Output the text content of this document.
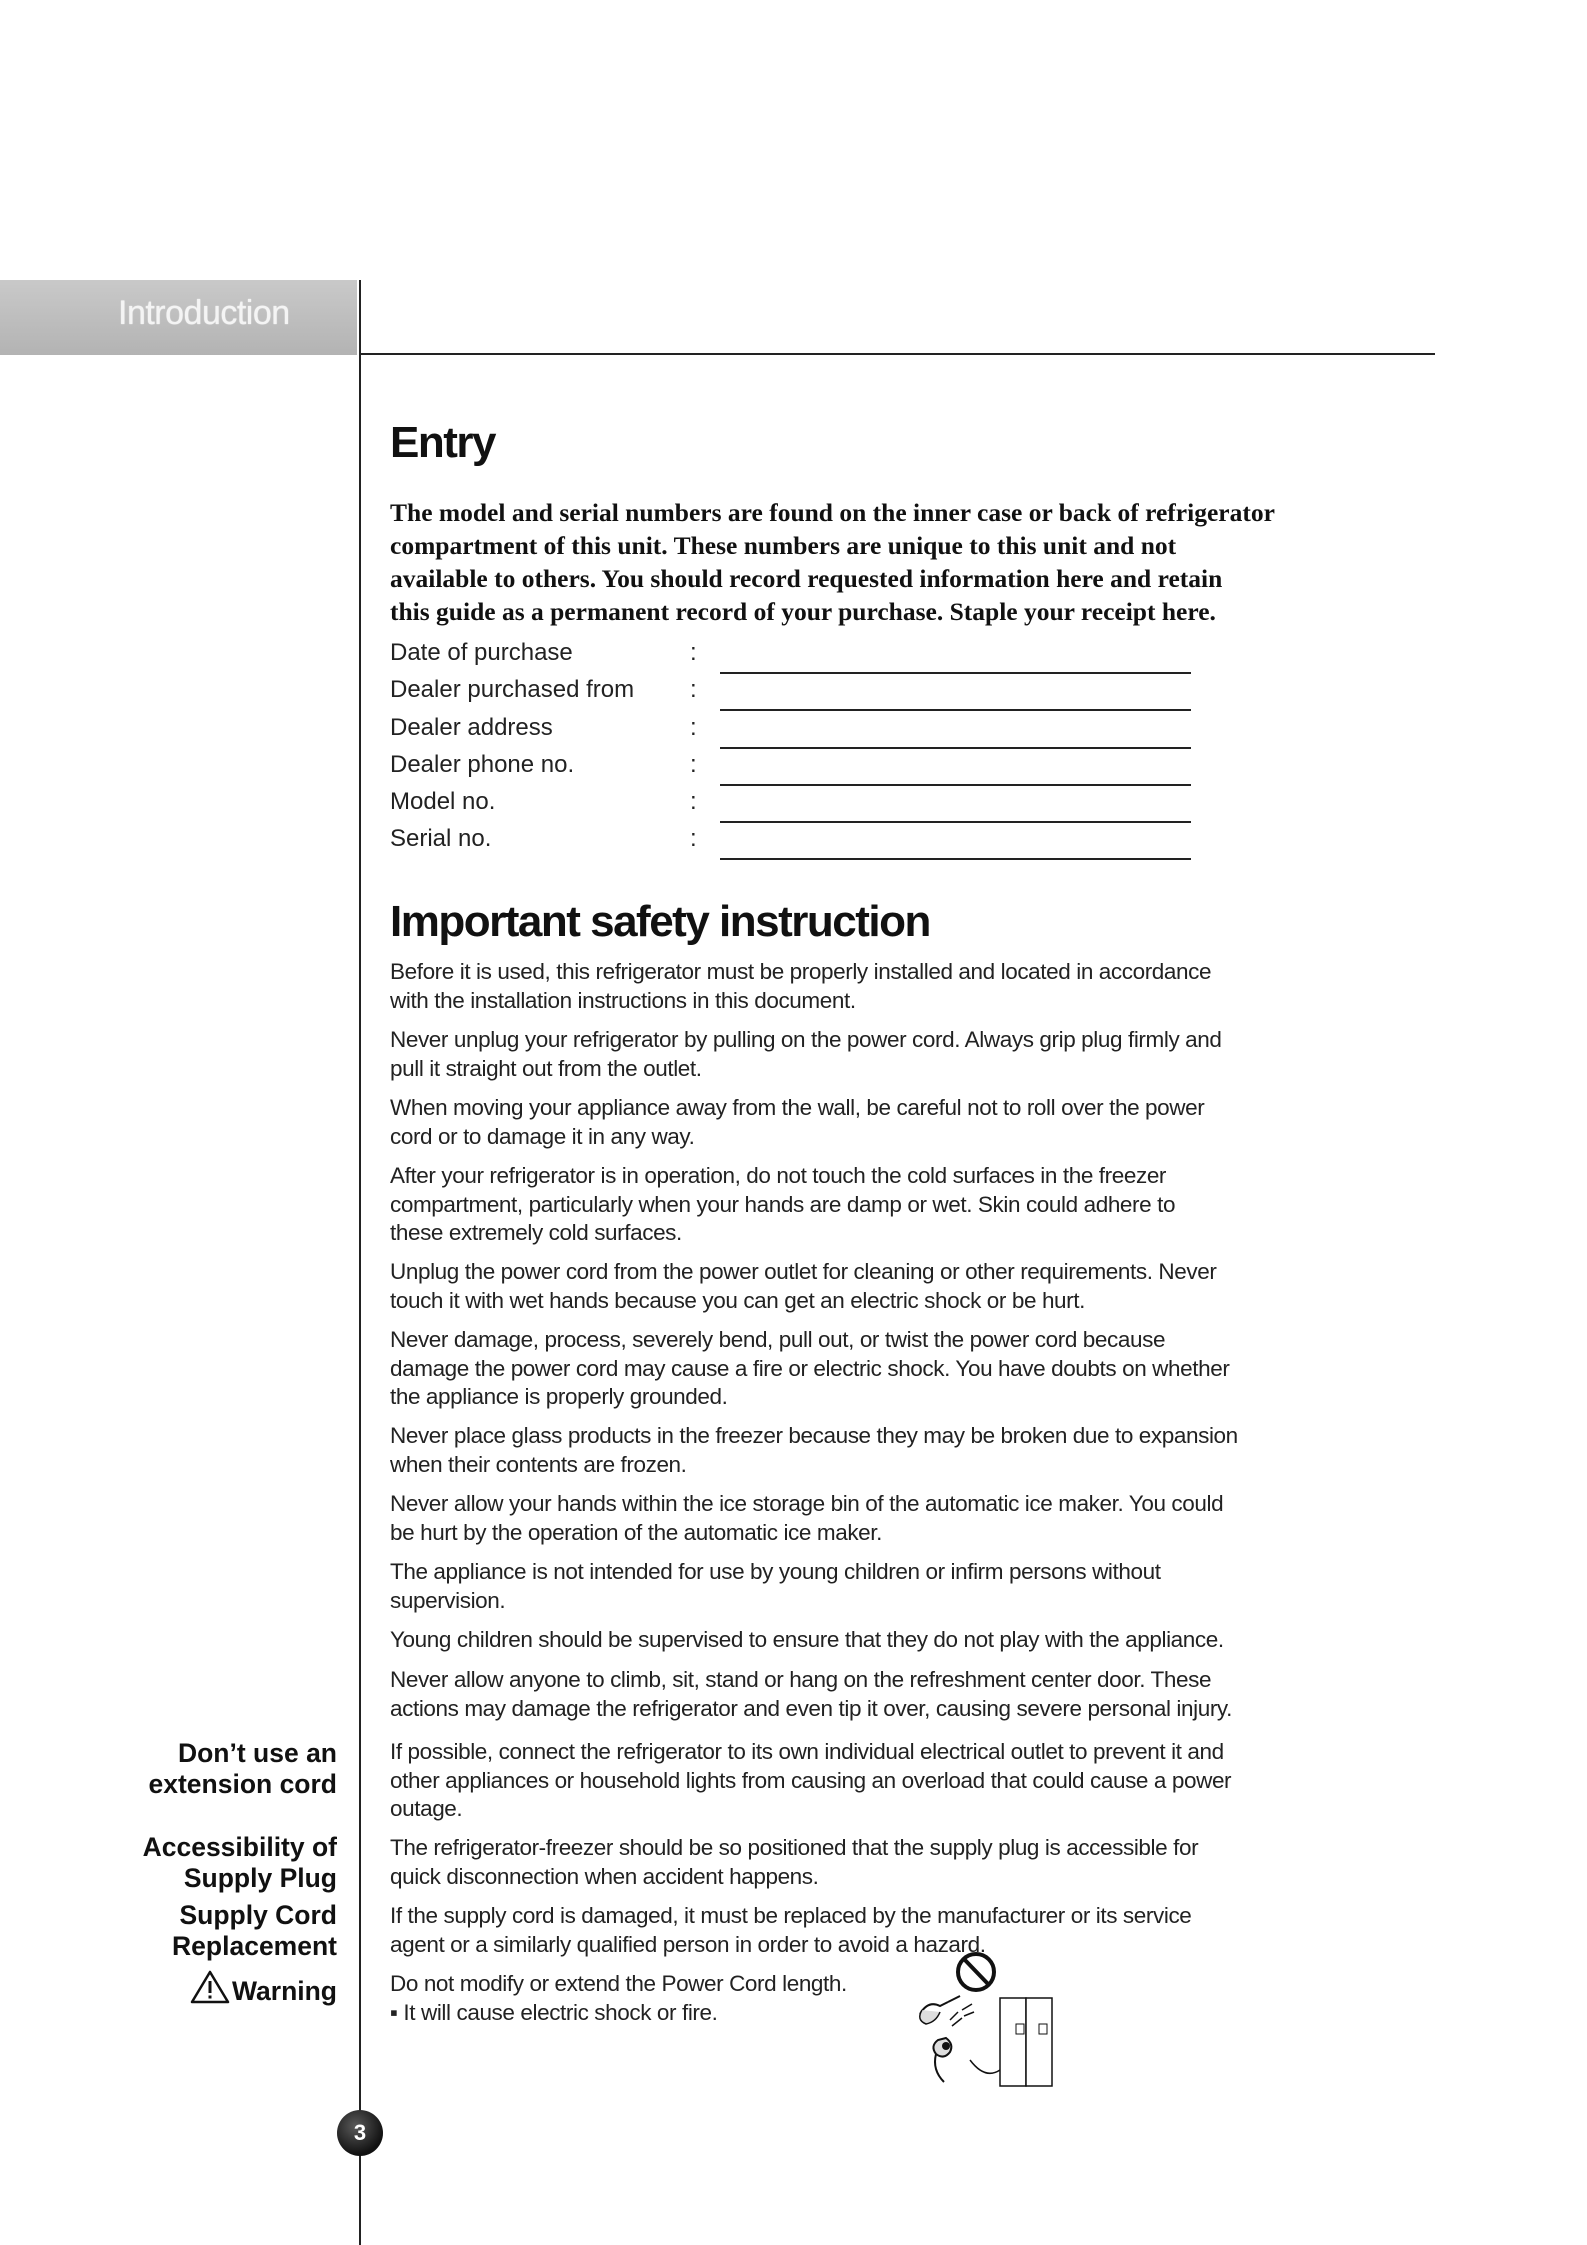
Introduction
Entry
The model and serial numbers are found on the inner case or back of refrigerator
compartment of this unit. These numbers are unique to this unit and not
available to others. You should record requested information here and retain
this guide as a permanent record of your purchase. Staple your receipt here.
Date of purchase	:
Dealer purchased from :
Dealer address	:
Dealer phone no.	:
Model no.	:
Serial no.	:
Important safety instruction
Before it is used, this refrigerator must be properly installed and located in accordance
with the installation instructions in this document.
Never unplug your refrigerator by pulling on the power cord. Always grip plug firmly and
pull it straight out from the outlet.
When moving your appliance away from the wall, be careful not to roll over the power
cord or to damage it in any way.
After your refrigerator is in operation, do not touch the cold surfaces in the freezer
compartment, particularly when your hands are damp or wet. Skin could adhere to
these extremely cold surfaces.
Unplug the power cord from the power outlet for cleaning or other requirements. Never
touch it with wet hands because you can get an electric shock or be hurt.
Never damage, process, severely bend, pull out, or twist the power cord because
damage the power cord may cause a fire or electric shock. You have doubts on whether
the appliance is properly grounded.
Never place glass products in the freezer because they may be broken due to expansion
when their contents are frozen.
Never allow your hands within the ice storage bin of the automatic ice maker. You could
be hurt by the operation of the automatic ice maker.
The appliance is not intended for use by young children or infirm persons without
supervision.
Young children should be supervised to ensure that they do not play with the appliance.
Never allow anyone to climb, sit, stand or hang on the refreshment center door. These
actions may damage the refrigerator and even tip it over, causing severe personal injury.
Don’t use an
extension cord
Accessibility of
Supply Plug
Supply Cord
Replacement
Warning
If possible, connect the refrigerator to its own individual electrical outlet to prevent it and
other appliances or household lights from causing an overload that could cause a power
outage.
The refrigerator-freezer should be so positioned that the supply plug is accessible for
quick disconnection when accident happens.
If the supply cord is damaged, it must be replaced by the manufacturer or its service
agent or a similarly qualified person in order to avoid a hazard.
Do not modify or extend the Power Cord length.
▪ It will cause electric shock or fire.
3
